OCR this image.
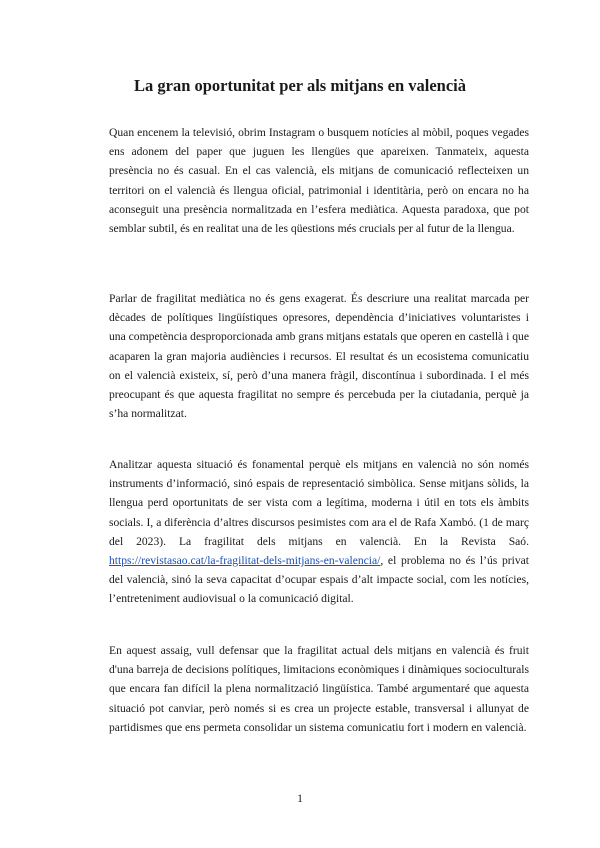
La gran oportunitat per als mitjans en valencià

Quan encenem la televisió, obrim Instagram o busquem notícies al mòbil, poques vegades ens adonem del paper que juguen les llengües que apareixen. Tanmateix, aquesta presència no és casual. En el cas valencià, els mitjans de comunicació reflecteixen un territori on el valencià és llengua oficial, patrimonial i identitària, però on encara no ha aconseguit una presència normalitzada en l’esfera mediàtica. Aquesta paradoxa, que pot semblar subtil, és en realitat una de les qüestions més crucials per al futur de la llengua.

Parlar de fragilitat mediàtica no és gens exagerat. És descriure una realitat marcada per dècades de polítiques lingüístiques opresores, dependència d’iniciatives voluntaristes i una competència desproporcionada amb grans mitjans estatals que operen en castellà i que acaparen la gran majoria audiències i recursos. El resultat és un ecosistema comunicatiu on el valencià existeix, sí, però d’una manera fràgil, discontínua i subordinada. I el més preocupant és que aquesta fragilitat no sempre és percebuda per la ciutadania, perquè ja s’ha normalitzat.

Analitzar aquesta situació és fonamental perquè els mitjans en valencià no són només instruments d’informació, sinó espais de representació simbòlica. Sense mitjans sòlids, la llengua perd oportunitats de ser vista com a legítima, moderna i útil en tots els àmbits socials. I, a diferència d’altres discursos pesimistes com ara el de Rafa Xambó. (1 de març del 2023). La fragilitat dels mitjans en valencià. En la Revista Saó. https://revistasao.cat/la-fragilitat-dels-mitjans-en-valencia/, el problema no és l’ús privat del valencià, sinó la seva capacitat d’ocupar espais d’alt impacte social, com les notícies, l’entreteniment audiovisual o la comunicació digital.

En aquest assaig, vull defensar que la fragilitat actual dels mitjans en valencià és fruit d'una barreja de decisions polítiques, limitacions econòmiques i dinàmiques socioculturals que encara fan difícil la plena normalització lingüística. També argumentaré que aquesta situació pot canviar, però només si es crea un projecte estable, transversal i allunyat de partidismes que ens permeta consolidar un sistema comunicatiu fort i modern en valencià.

1
